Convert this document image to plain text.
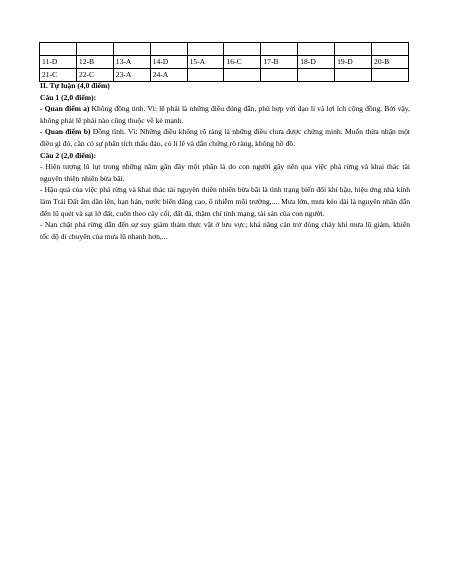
11-D	12-B	13-A	14-D	15-A	16-C	17-B	18-D	19-D	20-B
21-C	22-C	23-A	24-A						

II. Tự luận (4,0 điểm)

Câu 1 (2,0 điểm):

- Quan điểm a) Không đồng tình. Vì: lẽ phải là những điều đúng đắn, phù hợp với đạo lí và lợi ích cộng đồng. Bởi vậy, không phải lẽ phải nào cũng thuộc về kẻ mạnh.

- Quan điểm b) Đồng tình. Vì: Những điều không rõ ràng là những điều chưa được chứng minh. Muốn thừa nhận một điều gì đó, cần có sự phân tích thấu đáo, có lí lẽ và dẫn chứng rõ ràng, không hồ đồ.

Câu 2 (2,0 điểm):

- Hiện tượng lũ lụt trong những năm gần đây một phần là do con người gây nên qua việc phá rừng và khai thác tài nguyên thiên nhiên bừa bãi.

- Hậu quả của việc phá rừng và khai thác tài nguyên thiên nhiên bừa bãi là tình trạng biến đổi khí hậu, hiệu ứng nhà kính làm Trái Đất ấm dần lên, hạn hán, nước biển dâng cao, ô nhiễm môi trường,.... Mưa lớn, mưa kéo dài là nguyên nhân dẫn đến lũ quét và sạt lở đất, cuốn theo cây cối, đất đá, thậm chí tính mạng, tài sản của con người.

- Nạn chặt phá rừng dẫn đến sự suy giảm thảm thực vật ở lưu vực; khả năng cản trở dòng chảy khi mưa lũ giảm, khiến tốc độ di chuyển của mưa lũ nhanh hơn,...
